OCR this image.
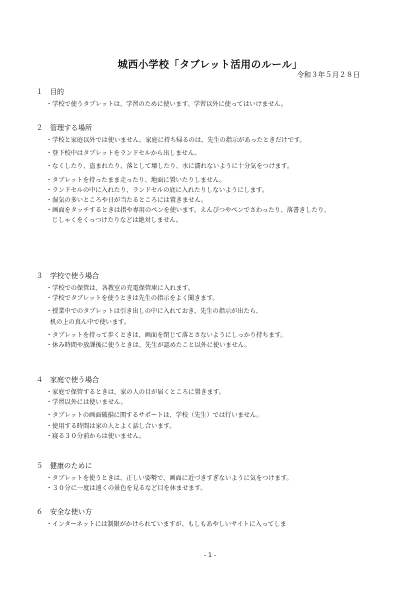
城西小学校「タブレット活用のルール」
令和３年５月２８日
１ 目的
・学校で使うタブレットは、学習のために使います。学習以外に使ってはいけません。
２ 管理する場所
・学校と家庭以外では使いません。家庭に持ち帰るのは、先生の指示があったときだけです。
・登下校中はタブレットをランドセルから出しません。
・なくしたり、盗まれたり、落として壊したり、水に濡れないように十分気をつけます。
・タブレットを持ったまま走ったり、地面に置いたりしません。
・ランドセルの中に入れたり、ランドセルの底に入れたりしないようにします。
・湿気の多いところや日が当たるところには置きません。
・画面をタッチするときは指や専用のペンを使います。えんぴつやペンでさわったり、落書きしたり、
じしゃくをくっつけたりなどは絶対しません。
３ 学校で使う場合
・学校での保管は、各教室の充電保管庫に入れます。
・学校でタブレットを使うときは先生の指示をよく聞きます。
・授業中でのタブレットは引き出しの中に入れておき、先生の指示が出たら、
机の上の真ん中で使います。
・タブレットを持って歩くときは、画面を閉じて落とさないようにしっかり持ちます。
・休み時間や放課後に使うときは、先生が認めたこと以外に使いません。
４ 家庭で使う場合
・家庭で保管するときは、家の人の目が届くところに置きます。
・学習以外には使いません。
・タブレットの画面破損に関するサポートは、学校（先生）では行いません。
・使用する時間は家の人とよく話し合います。
・寝る３０分前からは使いません。
５ 健康のために
・タブレットを使うときは、正しい姿勢で、画面に近づきすぎないように気をつけます。
・３０分に一度は遠くの景色を見るなど目を休ませます。
６ 安全な使い方
・インターネットには制限がかけられていますが、もしもあやしいサイトに入ってしま
- 1 -
